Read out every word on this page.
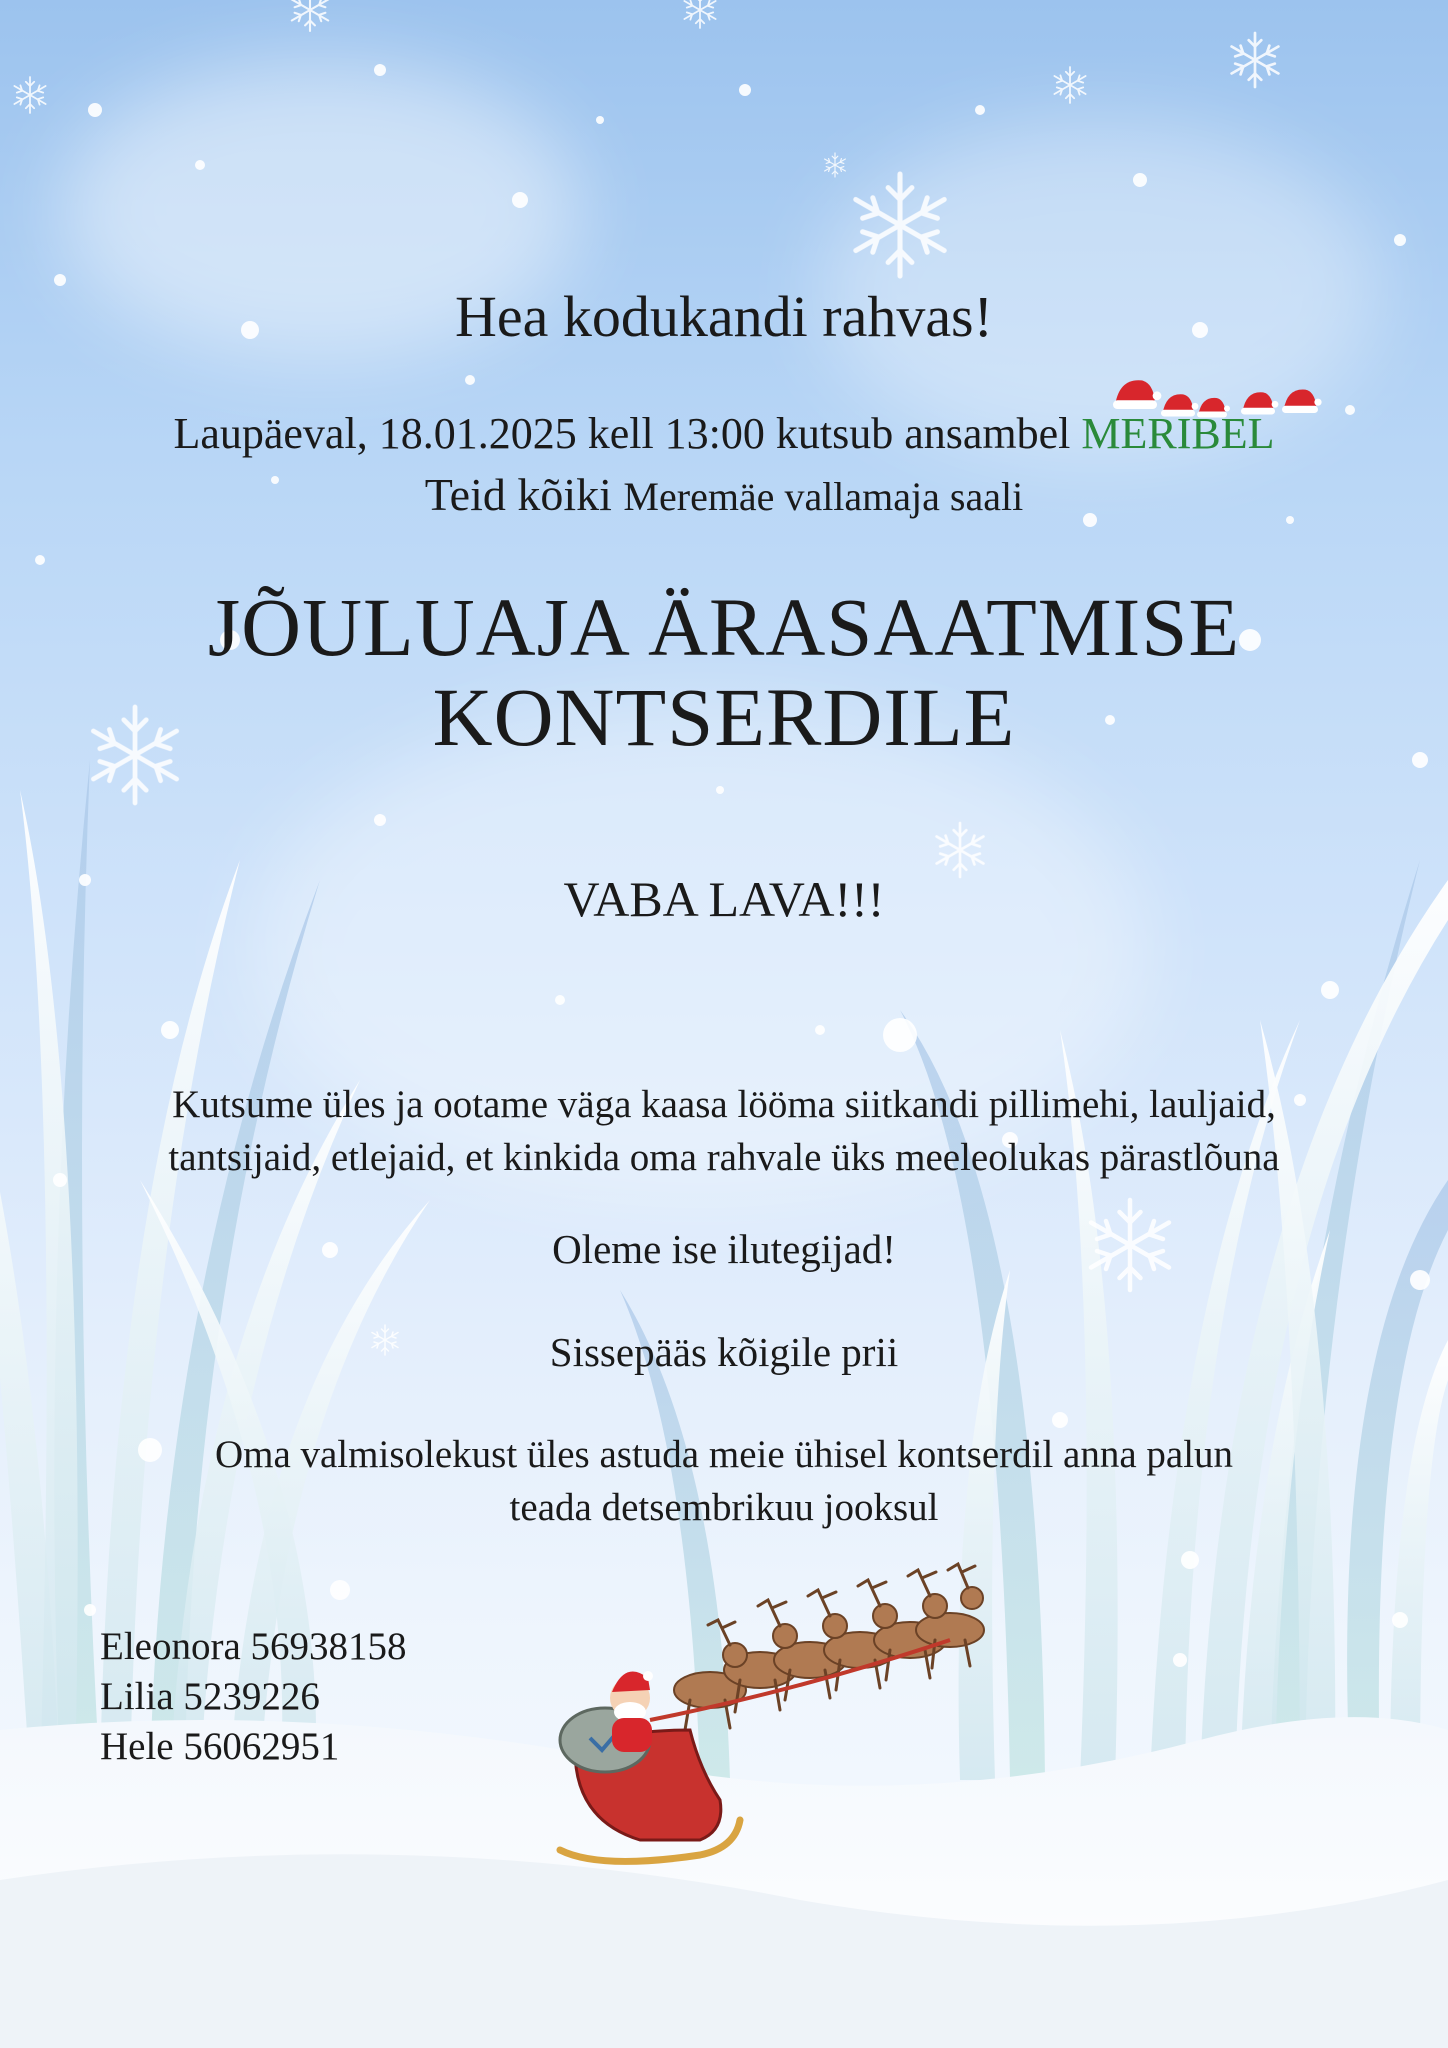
Hea kodukandi rahvas!

Laupäeval, 18.01.2025 kell 13:00 kutsub ansambel MERIBEL

Teid kõiki Meremäe vallamaja saali

JÕULUAJA ÄRASAATMISE
KONTSERDILE

VABA LAVA!!!

Kutsume üles ja ootame väga kaasa lööma siitkandi pillimehi, lauljaid,
tantsijaid, etlejaid, et kinkida oma rahvale üks meeleolukas pärastlõuna

Oleme ise ilutegijad!

Sissepääs kõigile prii

Oma valmisolekust üles astuda meie ühisel kontserdil anna palun
teada detsembrikuu jooksul

Eleonora 56938158
Lilia 5239226
Hele 56062951
